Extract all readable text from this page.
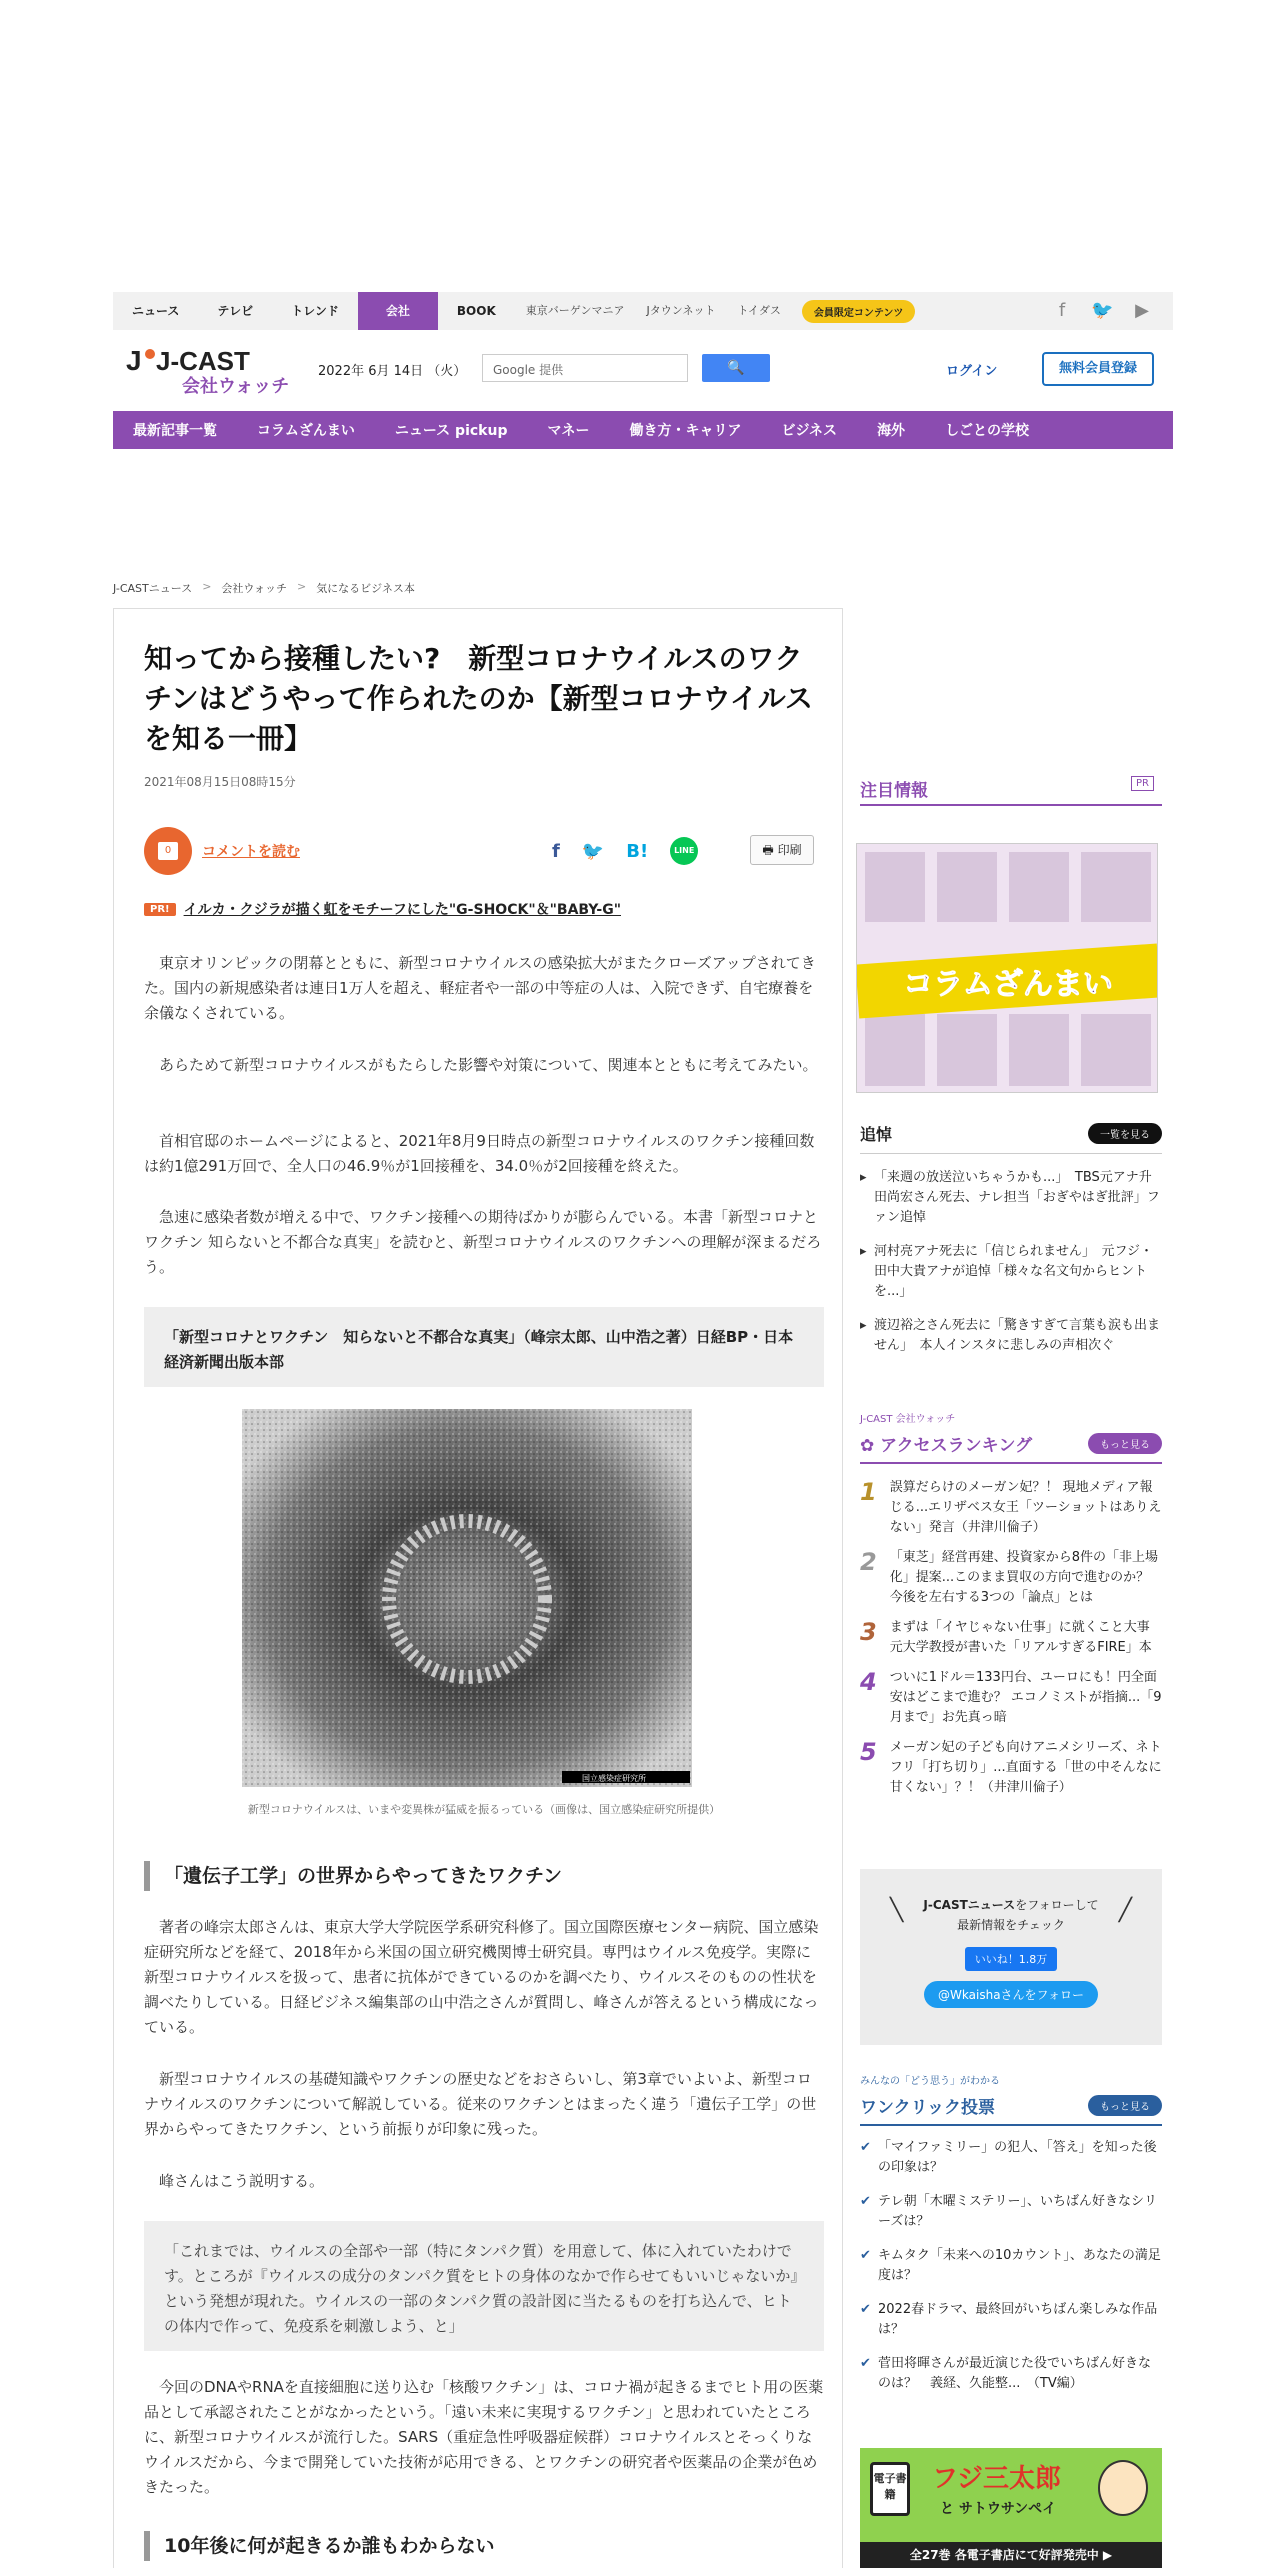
ニュース	テレビ	トレンド	会社	BOOK	東京バーゲンマニア	Jタウンネット	トイダス	会員限定コンテンツ	f	🐦 ▶
J J-CAST
会社ウォッチ
2022年 6月 14日 （火）	Google 提供	🔍	ログイン	無料会員登録
最新記事一覧	コラムざんまい	ニュース pickup	マネー	働き方・キャリア	ビジネス	海外	しごとの学校
J-CASTニュース > 会社ウォッチ > 気になるビジネス本
知ってから接種したい?　新型コロナウイルスのワクチンはどうやって作られたのか【新型コロナウイルスを知る一冊】
2021年08月15日08時15分
0	コメントを読む	f 🐦 B!	LINE	🖶 印刷
PR!	イルカ・クジラが描く虹をモチーフにした"G-SHOCK"＆"BABY-G"

　東京オリンピックの閉幕とともに、新型コロナウイルスの感染拡大がまたクローズアップされてきた。国内の新規感染者は連日1万人を超え、軽症者や一部の中等症の人は、入院できず、自宅療養を余儀なくされている。

　あらためて新型コロナウイルスがもたらした影響や対策について、関連本とともに考えてみたい。

　首相官邸のホームページによると、2021年8月9日時点の新型コロナウイルスのワクチン接種回数は約1億291万回で、全人口の46.9％が1回接種を、34.0％が2回接種を終えた。

　急速に感染者数が増える中で、ワクチン接種への期待ばかりが膨らんでいる。本書「新型コロナとワクチン 知らないと不都合な真実」を読むと、新型コロナウイルスのワクチンへの理解が深まるだろう。

「新型コロナとワクチン　知らないと不都合な真実」（峰宗太郎、山中浩之著）日経BP・日本経済新聞出版本部
国立感染症研究所
新型コロナウイルスは、いまや変異株が猛威を振るっている（画像は、国立感染症研究所提供）
「遺伝子工学」の世界からやってきたワクチン

　著者の峰宗太郎さんは、東京大学大学院医学系研究科修了。国立国際医療センター病院、国立感染症研究所などを経て、2018年から米国の国立研究機関博士研究員。専門はウイルス免疫学。実際に新型コロナウイルスを扱って、患者に抗体ができているのかを調べたり、ウイルスそのものの性状を調べたりしている。日経ビジネス編集部の山中浩之さんが質問し、峰さんが答えるという構成になっている。

　新型コロナウイルスの基礎知識やワクチンの歴史などをおさらいし、第3章でいよいよ、新型コロナウイルスのワクチンについて解説している。従来のワクチンとはまったく違う「遺伝子工学」の世界からやってきたワクチン、という前振りが印象に残った。

　峰さんはこう説明する。

「これまでは、ウイルスの全部や一部（特にタンパク質）を用意して、体に入れていたわけです。ところが『ウイルスの成分のタンパク質をヒトの身体のなかで作らせてもいいじゃないか』という発想が現れた。ウイルスの一部のタンパク質の設計図に当たるものを打ち込んで、ヒトの体内で作って、免疫系を刺激しよう、と」

　今回のDNAやRNAを直接細胞に送り込む「核酸ワクチン」は、コロナ禍が起きるまでヒト用の医薬品として承認されたことがなかったという。「遠い未来に実現するワクチン」と思われていたところに、新型コロナウイルスが流行した。SARS（重症急性呼吸器症候群）コロナウイルスとそっくりなウイルスだから、今まで開発していた技術が応用できる、とワクチンの研究者や医薬品の企業が色めきたった。

10年後に何が起きるか誰もわからない
注目情報	PR
コラムざんまい
追悼	一覧を見る
▸ 「来週の放送泣いちゃうかも...」　TBS元アナ升田尚宏さん死去、ナレ担当「おぎやはぎ批評」ファン追悼
▸ 河村亮アナ死去に「信じられません」　元フジ・田中大貴アナが追悼「様々な名文句からヒントを...」
▸ 渡辺裕之さん死去に「驚きすぎて言葉も涙も出ません」　本人インスタに悲しみの声相次ぐ
J-CAST 会社ウォッチ
✿ アクセスランキング	もっと見る
1 誤算だらけのメーガン妃？！ 現地メディア報じる...エリザベス女王「ツーショットはありえない」発言（井津川倫子）
2 「東芝」経営再建、投資家から8件の「非上場化」提案...このまま買収の方向で進むのか？ 今後を左右する3つの「論点」とは
3 まずは「イヤじゃない仕事」に就くこと大事 元大学教授が書いた「リアルすぎるFIRE」本
4 ついに1ドル＝133円台、ユーロにも！円全面安はどこまで進む？ エコノミストが指摘...「9月まで」お先真っ暗
5 メーガン妃の子ども向けアニメシリーズ、ネトフリ「打ち切り」...直面する「世の中そんなに甘くない」？！（井津川倫子）
╲ J-CASTニュースをフォローして
最新情報をチェック
╱
いいね！1.8万
@Wkaishaさんをフォロー
みんなの「どう思う」がわかる
ワンクリック投票	もっと見る
✔ 「マイファミリー」の犯人、「答え」を知った後の印象は？
✔ テレ朝「木曜ミステリー」、いちばん好きなシリーズは？
✔ キムタク「未来への10カウント」、あなたの満足度は？
✔ 2022春ドラマ、最終回がいちばん楽しみな作品は？
✔ 菅田将暉さんが最近演じた役でいちばん好きなのは？　義経、久能整...　（TV編）
電子書籍
フジ三太郎
と サトウサンペイ
全27巻 各電子書店にて好評発売中 ▶
